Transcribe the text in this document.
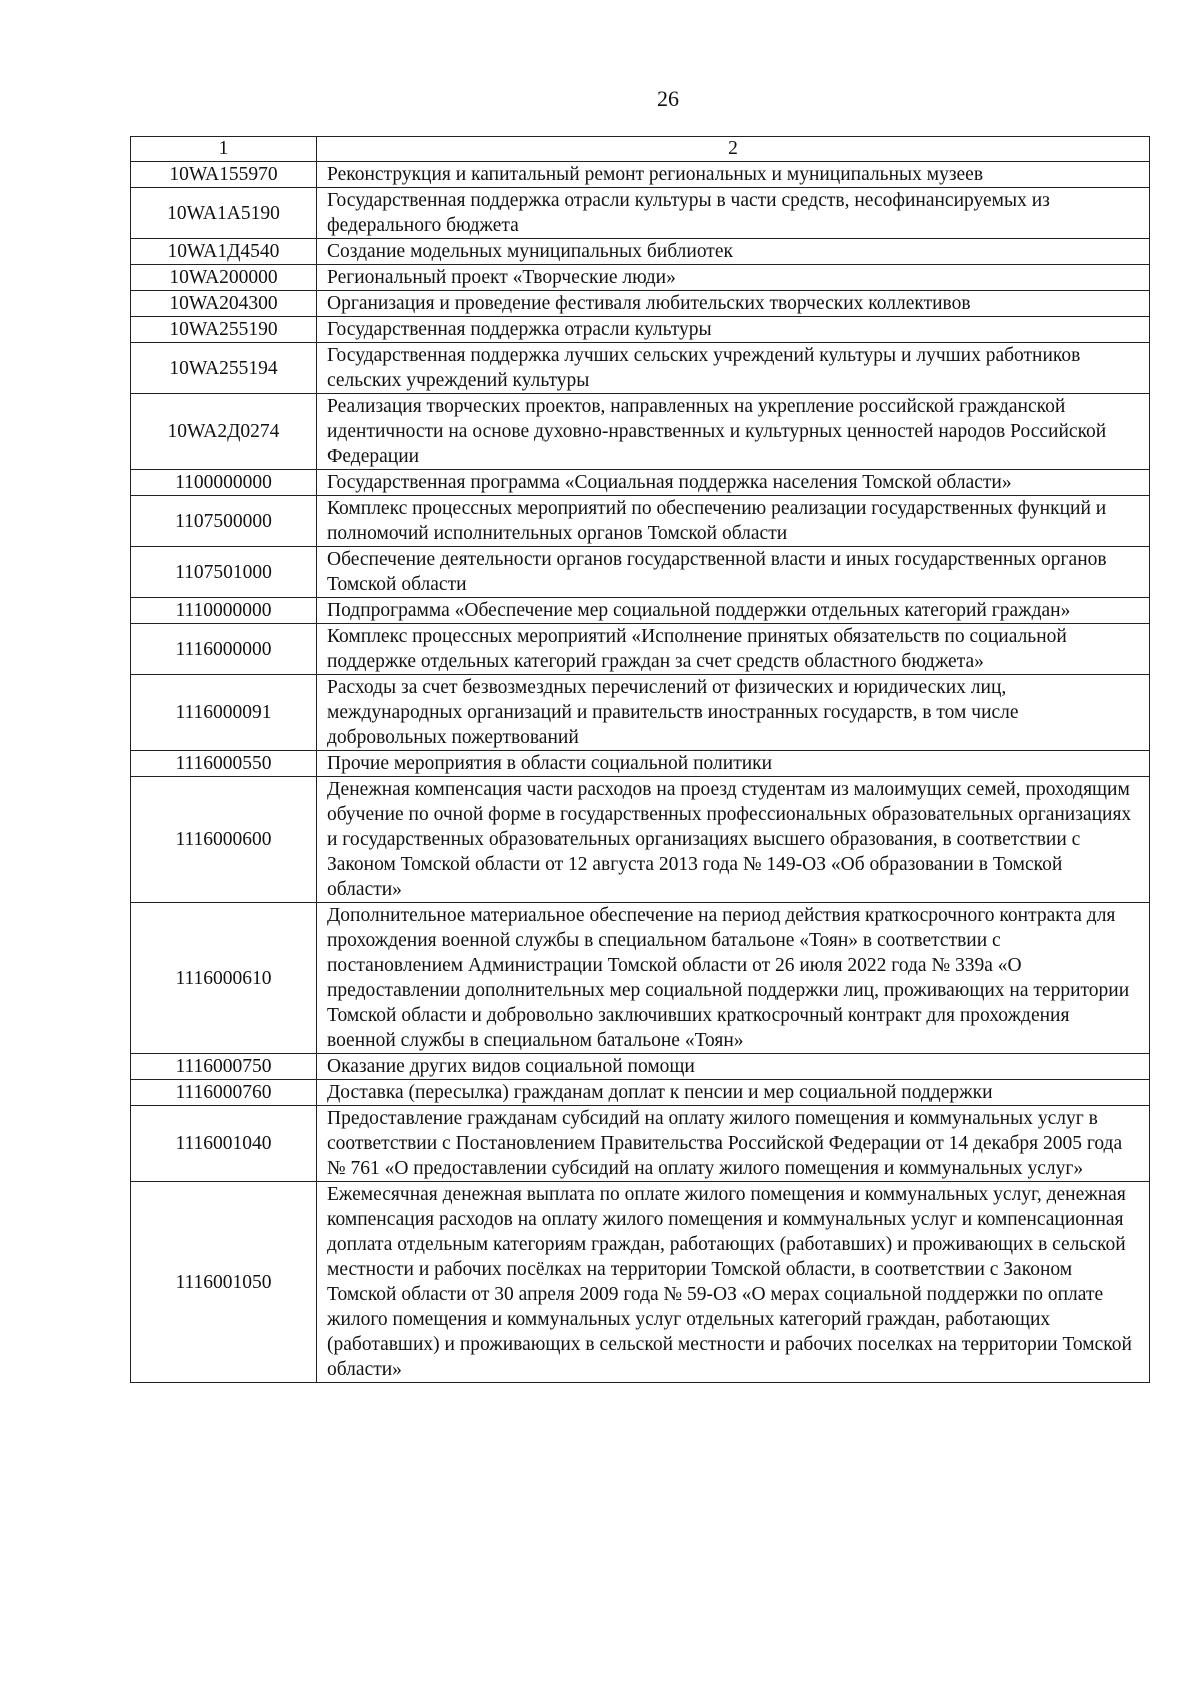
26
1	2
10WA155970	Реконструкция и капитальный ремонт региональных и муниципальных музеев
10WA1A5190	Государственная поддержка отрасли культуры в части средств, несофинансируемых из федерального бюджета
10WA1Д4540	Создание модельных муниципальных библиотек
10WA200000	Региональный проект «Творческие люди»
10WA204300	Организация и проведение фестиваля любительских творческих коллективов
10WA255190	Государственная поддержка отрасли культуры
10WA255194	Государственная поддержка лучших сельских учреждений культуры и лучших работников сельских учреждений культуры
10WA2Д0274	Реализация творческих проектов, направленных на укрепление российской гражданской идентичности на основе духовно-нравственных и культурных ценностей народов Российской Федерации
1100000000	Государственная программа «Социальная поддержка населения Томской области»
1107500000	Комплекс процессных мероприятий по обеспечению реализации государственных функций и полномочий исполнительных органов Томской области
1107501000	Обеспечение деятельности органов государственной власти и иных государственных органов Томской области
1110000000	Подпрограмма «Обеспечение мер социальной поддержки отдельных категорий граждан»
1116000000	Комплекс процессных мероприятий «Исполнение принятых обязательств по социальной поддержке отдельных категорий граждан за счет средств областного бюджета»
1116000091	Расходы за счет безвозмездных перечислений от физических и юридических лиц, международных организаций и правительств иностранных государств, в том числе добровольных пожертвований
1116000550	Прочие мероприятия в области социальной политики
1116000600	Денежная компенсация части расходов на проезд студентам из малоимущих семей, проходящим обучение по очной форме в государственных профессиональных образовательных организациях и государственных образовательных организациях высшего образования, в соответствии с Законом Томской области от 12 августа 2013 года № 149-ОЗ «Об образовании в Томской области»
1116000610	Дополнительное материальное обеспечение на период действия краткосрочного контракта для прохождения военной службы в специальном батальоне «Тоян» в соответствии с постановлением Администрации Томской области от 26 июля 2022 года № 339а «О предоставлении дополнительных мер социальной поддержки лиц, проживающих на территории Томской области и добровольно заключивших краткосрочный контракт для прохождения военной службы в специальном батальоне «Тоян»
1116000750	Оказание других видов социальной помощи
1116000760	Доставка (пересылка) гражданам доплат к пенсии и мер социальной поддержки
1116001040	Предоставление гражданам субсидий на оплату жилого помещения и коммунальных услуг в соответствии с Постановлением Правительства Российской Федерации от 14 декабря 2005 года № 761 «О предоставлении субсидий на оплату жилого помещения и коммунальных услуг»
1116001050	Ежемесячная денежная выплата по оплате жилого помещения и коммунальных услуг, денежная компенсация расходов на оплату жилого помещения и коммунальных услуг и компенсационная доплата отдельным категориям граждан, работающих (работавших) и проживающих в сельской местности и рабочих посёлках на территории Томской области, в соответствии с Законом Томской области от 30 апреля 2009 года № 59-ОЗ «О мерах социальной поддержки по оплате жилого помещения и коммунальных услуг отдельных категорий граждан, работающих (работавших) и проживающих в сельской местности и рабочих поселках на территории Томской области»
